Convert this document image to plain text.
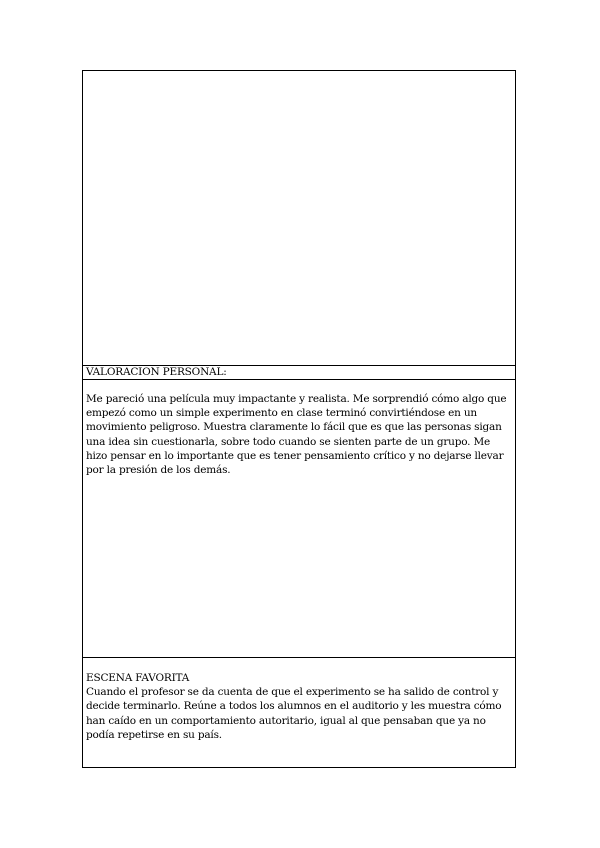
VALORACION PERSONAL:

Me pareció una película muy impactante y realista. Me sorprendió cómo algo que empezó como un simple experimento en clase terminó convirtiéndose en un movimiento peligroso. Muestra claramente lo fácil que es que las personas sigan una idea sin cuestionarla, sobre todo cuando se sienten parte de un grupo. Me hizo pensar en lo importante que es tener pensamiento crítico y no dejarse llevar por la presión de los demás.

ESCENA FAVORITA

Cuando el profesor se da cuenta de que el experimento se ha salido de control y decide terminarlo. Reúne a todos los alumnos en el auditorio y les muestra cómo han caído en un comportamiento autoritario, igual al que pensaban que ya no podía repetirse en su país.
